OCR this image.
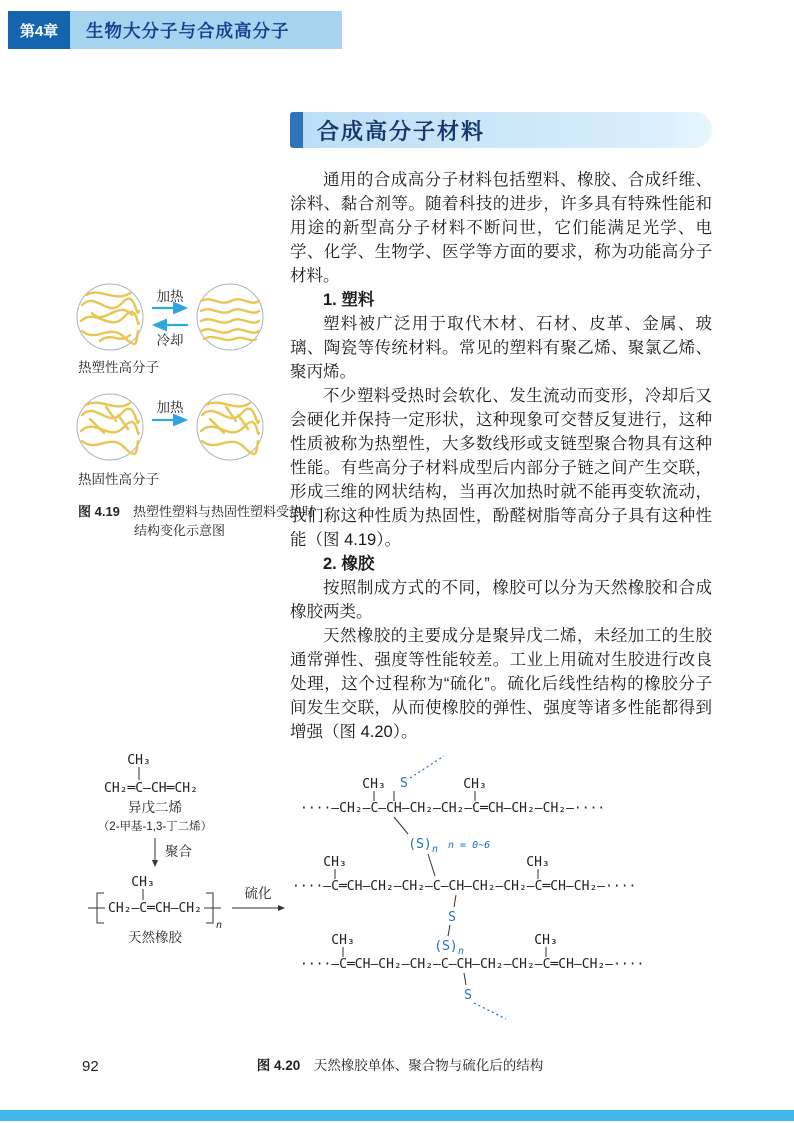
第4章	生物大分子与合成高分子
合成高分子材料

通用的合成高分子材料包括塑料、橡胶、合成纤维、涂料、黏合剂等。随着科技的进步，许多具有特殊性能和用途的新型高分子材料不断问世，它们能满足光学、电学、化学、生物学、医学等方面的要求，称为功能高分子材料。

1. 塑料

塑料被广泛用于取代木材、石材、皮革、金属、玻璃、陶瓷等传统材料。常见的塑料有聚乙烯、聚氯乙烯、聚丙烯。

不少塑料受热时会软化、发生流动而变形，冷却后又会硬化并保持一定形状，这种现象可交替反复进行，这种性质被称为热塑性，大多数线形或支链型聚合物具有这种性能。有些高分子材料成型后内部分子链之间产生交联，形成三维的网状结构，当再次加热时就不能再变软流动，我们称这种性质为热固性，酚醛树脂等高分子具有这种性能（图 4.19）。

2. 橡胶

按照制成方式的不同，橡胶可以分为天然橡胶和合成橡胶两类。

天然橡胶的主要成分是聚异戊二烯，未经加工的生胶通常弹性、强度等性能较差。工业上用硫对生胶进行改良处理，这个过程称为“硫化”。硫化后线性结构的橡胶分子间发生交联，从而使橡胶的弹性、强度等诸多性能都得到增强（图 4.20）。

加热
冷却
热塑性高分子
加热
热固性高分子

图 4.19　 热塑性塑料与热固性塑料受热时结构变化示意图

CH₃
CH₂═C—CH═CH₂
异戊二烯
（2-甲基-1,3-丁二烯）
聚合
CH₃
CH₂—C═CH—CH₂
n
天然橡胶
硫化
CH₃ S	CH₃
····—CH₂—C—CH—CH₂—CH₂—C═CH—CH₂—CH₂—····
(S) n n = 0~6
CH₃	CH₃
····—C═CH—CH₂—CH₂—C—CH—CH₂—CH₂—C═CH—CH₂—····
S
(S) n
CH₃	CH₃
····—C═CH—CH₂—CH₂—C—CH—CH₂—CH₂—C═CH—CH₂—····
S

图 4.20　 天然橡胶单体、聚合物与硫化后的结构

92
